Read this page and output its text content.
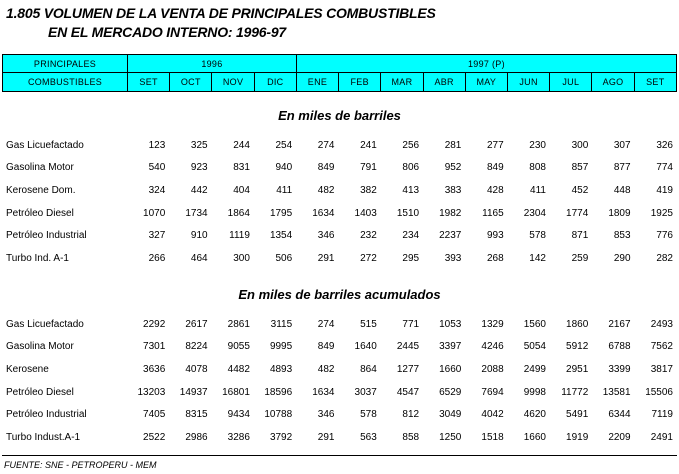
1.805 VOLUMEN DE LA VENTA DE PRINCIPALES COMBUSTIBLES
EN EL MERCADO INTERNO: 1996-97
PRINCIPALES	1996				1997 (P)								
COMBUSTIBLES	SET	OCT	NOV	DIC	ENE	FEB	MAR	ABR	MAY	JUN	JUL	AGO	SET
En miles de barriles
Gas Licuefactado	123	325	244	254	274	241	256	281	277	230	300	307	326
Gasolina Motor	540	923	831	940	849	791	806	952	849	808	857	877	774
Kerosene Dom.	324	442	404	411	482	382	413	383	428	411	452	448	419
Petróleo Diesel	1070	1734	1864	1795	1634	1403	1510	1982	1165	2304	1774	1809	1925
Petróleo Industrial	327	910	1119	1354	346	232	234	2237	993	578	871	853	776
Turbo Ind. A-1	266	464	300	506	291	272	295	393	268	142	259	290	282
En miles de barriles acumulados
Gas Licuefactado	2292	2617	2861	3115	274	515	771	1053	1329	1560	1860	2167	2493
Gasolina Motor	7301	8224	9055	9995	849	1640	2445	3397	4246	5054	5912	6788	7562
Kerosene	3636	4078	4482	4893	482	864	1277	1660	2088	2499	2951	3399	3817
Petróleo Diesel	13203	14937	16801	18596	1634	3037	4547	6529	7694	9998	11772	13581	15506
Petróleo Industrial	7405	8315	9434	10788	346	578	812	3049	4042	4620	5491	6344	7119
Turbo Indust.A-1	2522	2986	3286	3792	291	563	858	1250	1518	1660	1919	2209	2491
FUENTE: SNE - PETROPERU - MEM
